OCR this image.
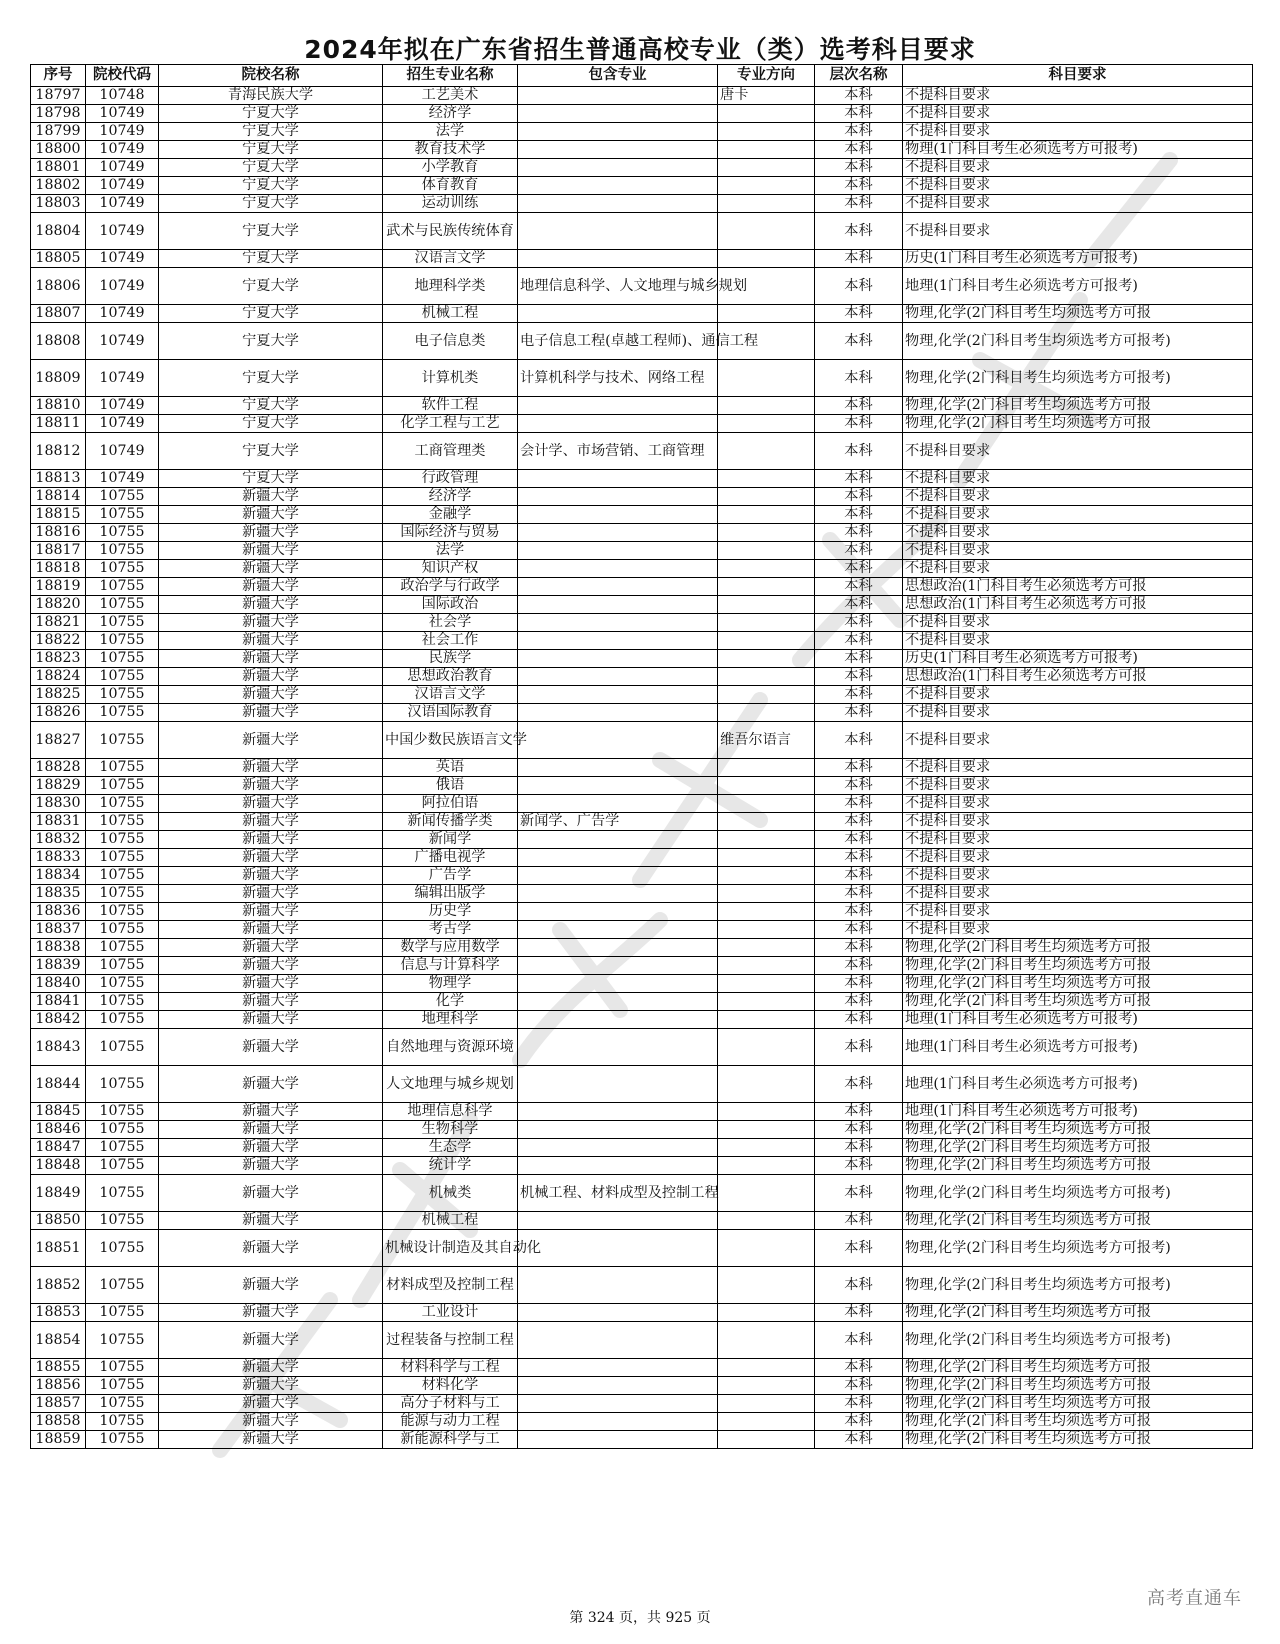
2024年拟在广东省招生普通高校专业（类）选考科目要求
序号	院校代码	院校名称	招生专业名称	包含专业	专业方向	层次名称	科目要求
18797	10748	青海民族大学	工艺美术		唐卡	本科	不提科目要求
18798	10749	宁夏大学	经济学			本科	不提科目要求
18799	10749	宁夏大学	法学			本科	不提科目要求
18800	10749	宁夏大学	教育技术学			本科	物理(1门科目考生必须选考方可报考)
18801	10749	宁夏大学	小学教育			本科	不提科目要求
18802	10749	宁夏大学	体育教育			本科	不提科目要求
18803	10749	宁夏大学	运动训练			本科	不提科目要求
18804	10749	宁夏大学	武术与民族传统体育			本科	不提科目要求
18805	10749	宁夏大学	汉语言文学			本科	历史(1门科目考生必须选考方可报考)
18806	10749	宁夏大学	地理科学类	地理信息科学、人文地理与城乡规划		本科	地理(1门科目考生必须选考方可报考)
18807	10749	宁夏大学	机械工程			本科	物理,化学(2门科目考生均须选考方可报
18808	10749	宁夏大学	电子信息类	电子信息工程(卓越工程师)、通信工程		本科	物理,化学(2门科目考生均须选考方可报考)
18809	10749	宁夏大学	计算机类	计算机科学与技术、网络工程		本科	物理,化学(2门科目考生均须选考方可报考)
18810	10749	宁夏大学	软件工程			本科	物理,化学(2门科目考生均须选考方可报
18811	10749	宁夏大学	化学工程与工艺			本科	物理,化学(2门科目考生均须选考方可报
18812	10749	宁夏大学	工商管理类	会计学、市场营销、工商管理		本科	不提科目要求
18813	10749	宁夏大学	行政管理			本科	不提科目要求
18814	10755	新疆大学	经济学			本科	不提科目要求
18815	10755	新疆大学	金融学			本科	不提科目要求
18816	10755	新疆大学	国际经济与贸易			本科	不提科目要求
18817	10755	新疆大学	法学			本科	不提科目要求
18818	10755	新疆大学	知识产权			本科	不提科目要求
18819	10755	新疆大学	政治学与行政学			本科	思想政治(1门科目考生必须选考方可报
18820	10755	新疆大学	国际政治			本科	思想政治(1门科目考生必须选考方可报
18821	10755	新疆大学	社会学			本科	不提科目要求
18822	10755	新疆大学	社会工作			本科	不提科目要求
18823	10755	新疆大学	民族学			本科	历史(1门科目考生必须选考方可报考)
18824	10755	新疆大学	思想政治教育			本科	思想政治(1门科目考生必须选考方可报
18825	10755	新疆大学	汉语言文学			本科	不提科目要求
18826	10755	新疆大学	汉语国际教育			本科	不提科目要求
18827	10755	新疆大学	中国少数民族语言文学		维吾尔语言	本科	不提科目要求
18828	10755	新疆大学	英语			本科	不提科目要求
18829	10755	新疆大学	俄语			本科	不提科目要求
18830	10755	新疆大学	阿拉伯语			本科	不提科目要求
18831	10755	新疆大学	新闻传播学类	新闻学、广告学		本科	不提科目要求
18832	10755	新疆大学	新闻学			本科	不提科目要求
18833	10755	新疆大学	广播电视学			本科	不提科目要求
18834	10755	新疆大学	广告学			本科	不提科目要求
18835	10755	新疆大学	编辑出版学			本科	不提科目要求
18836	10755	新疆大学	历史学			本科	不提科目要求
18837	10755	新疆大学	考古学			本科	不提科目要求
18838	10755	新疆大学	数学与应用数学			本科	物理,化学(2门科目考生均须选考方可报
18839	10755	新疆大学	信息与计算科学			本科	物理,化学(2门科目考生均须选考方可报
18840	10755	新疆大学	物理学			本科	物理,化学(2门科目考生均须选考方可报
18841	10755	新疆大学	化学			本科	物理,化学(2门科目考生均须选考方可报
18842	10755	新疆大学	地理科学			本科	地理(1门科目考生必须选考方可报考)
18843	10755	新疆大学	自然地理与资源环境			本科	地理(1门科目考生必须选考方可报考)
18844	10755	新疆大学	人文地理与城乡规划			本科	地理(1门科目考生必须选考方可报考)
18845	10755	新疆大学	地理信息科学			本科	地理(1门科目考生必须选考方可报考)
18846	10755	新疆大学	生物科学			本科	物理,化学(2门科目考生均须选考方可报
18847	10755	新疆大学	生态学			本科	物理,化学(2门科目考生均须选考方可报
18848	10755	新疆大学	统计学			本科	物理,化学(2门科目考生均须选考方可报
18849	10755	新疆大学	机械类	机械工程、材料成型及控制工程		本科	物理,化学(2门科目考生均须选考方可报考)
18850	10755	新疆大学	机械工程			本科	物理,化学(2门科目考生均须选考方可报
18851	10755	新疆大学	机械设计制造及其自动化			本科	物理,化学(2门科目考生均须选考方可报考)
18852	10755	新疆大学	材料成型及控制工程			本科	物理,化学(2门科目考生均须选考方可报考)
18853	10755	新疆大学	工业设计			本科	物理,化学(2门科目考生均须选考方可报
18854	10755	新疆大学	过程装备与控制工程			本科	物理,化学(2门科目考生均须选考方可报考)
18855	10755	新疆大学	材料科学与工程			本科	物理,化学(2门科目考生均须选考方可报
18856	10755	新疆大学	材料化学			本科	物理,化学(2门科目考生均须选考方可报
18857	10755	新疆大学	高分子材料与工			本科	物理,化学(2门科目考生均须选考方可报
18858	10755	新疆大学	能源与动力工程			本科	物理,化学(2门科目考生均须选考方可报
18859	10755	新疆大学	新能源科学与工			本科	物理,化学(2门科目考生均须选考方可报
第 324 页，共 925 页
高考直通车
